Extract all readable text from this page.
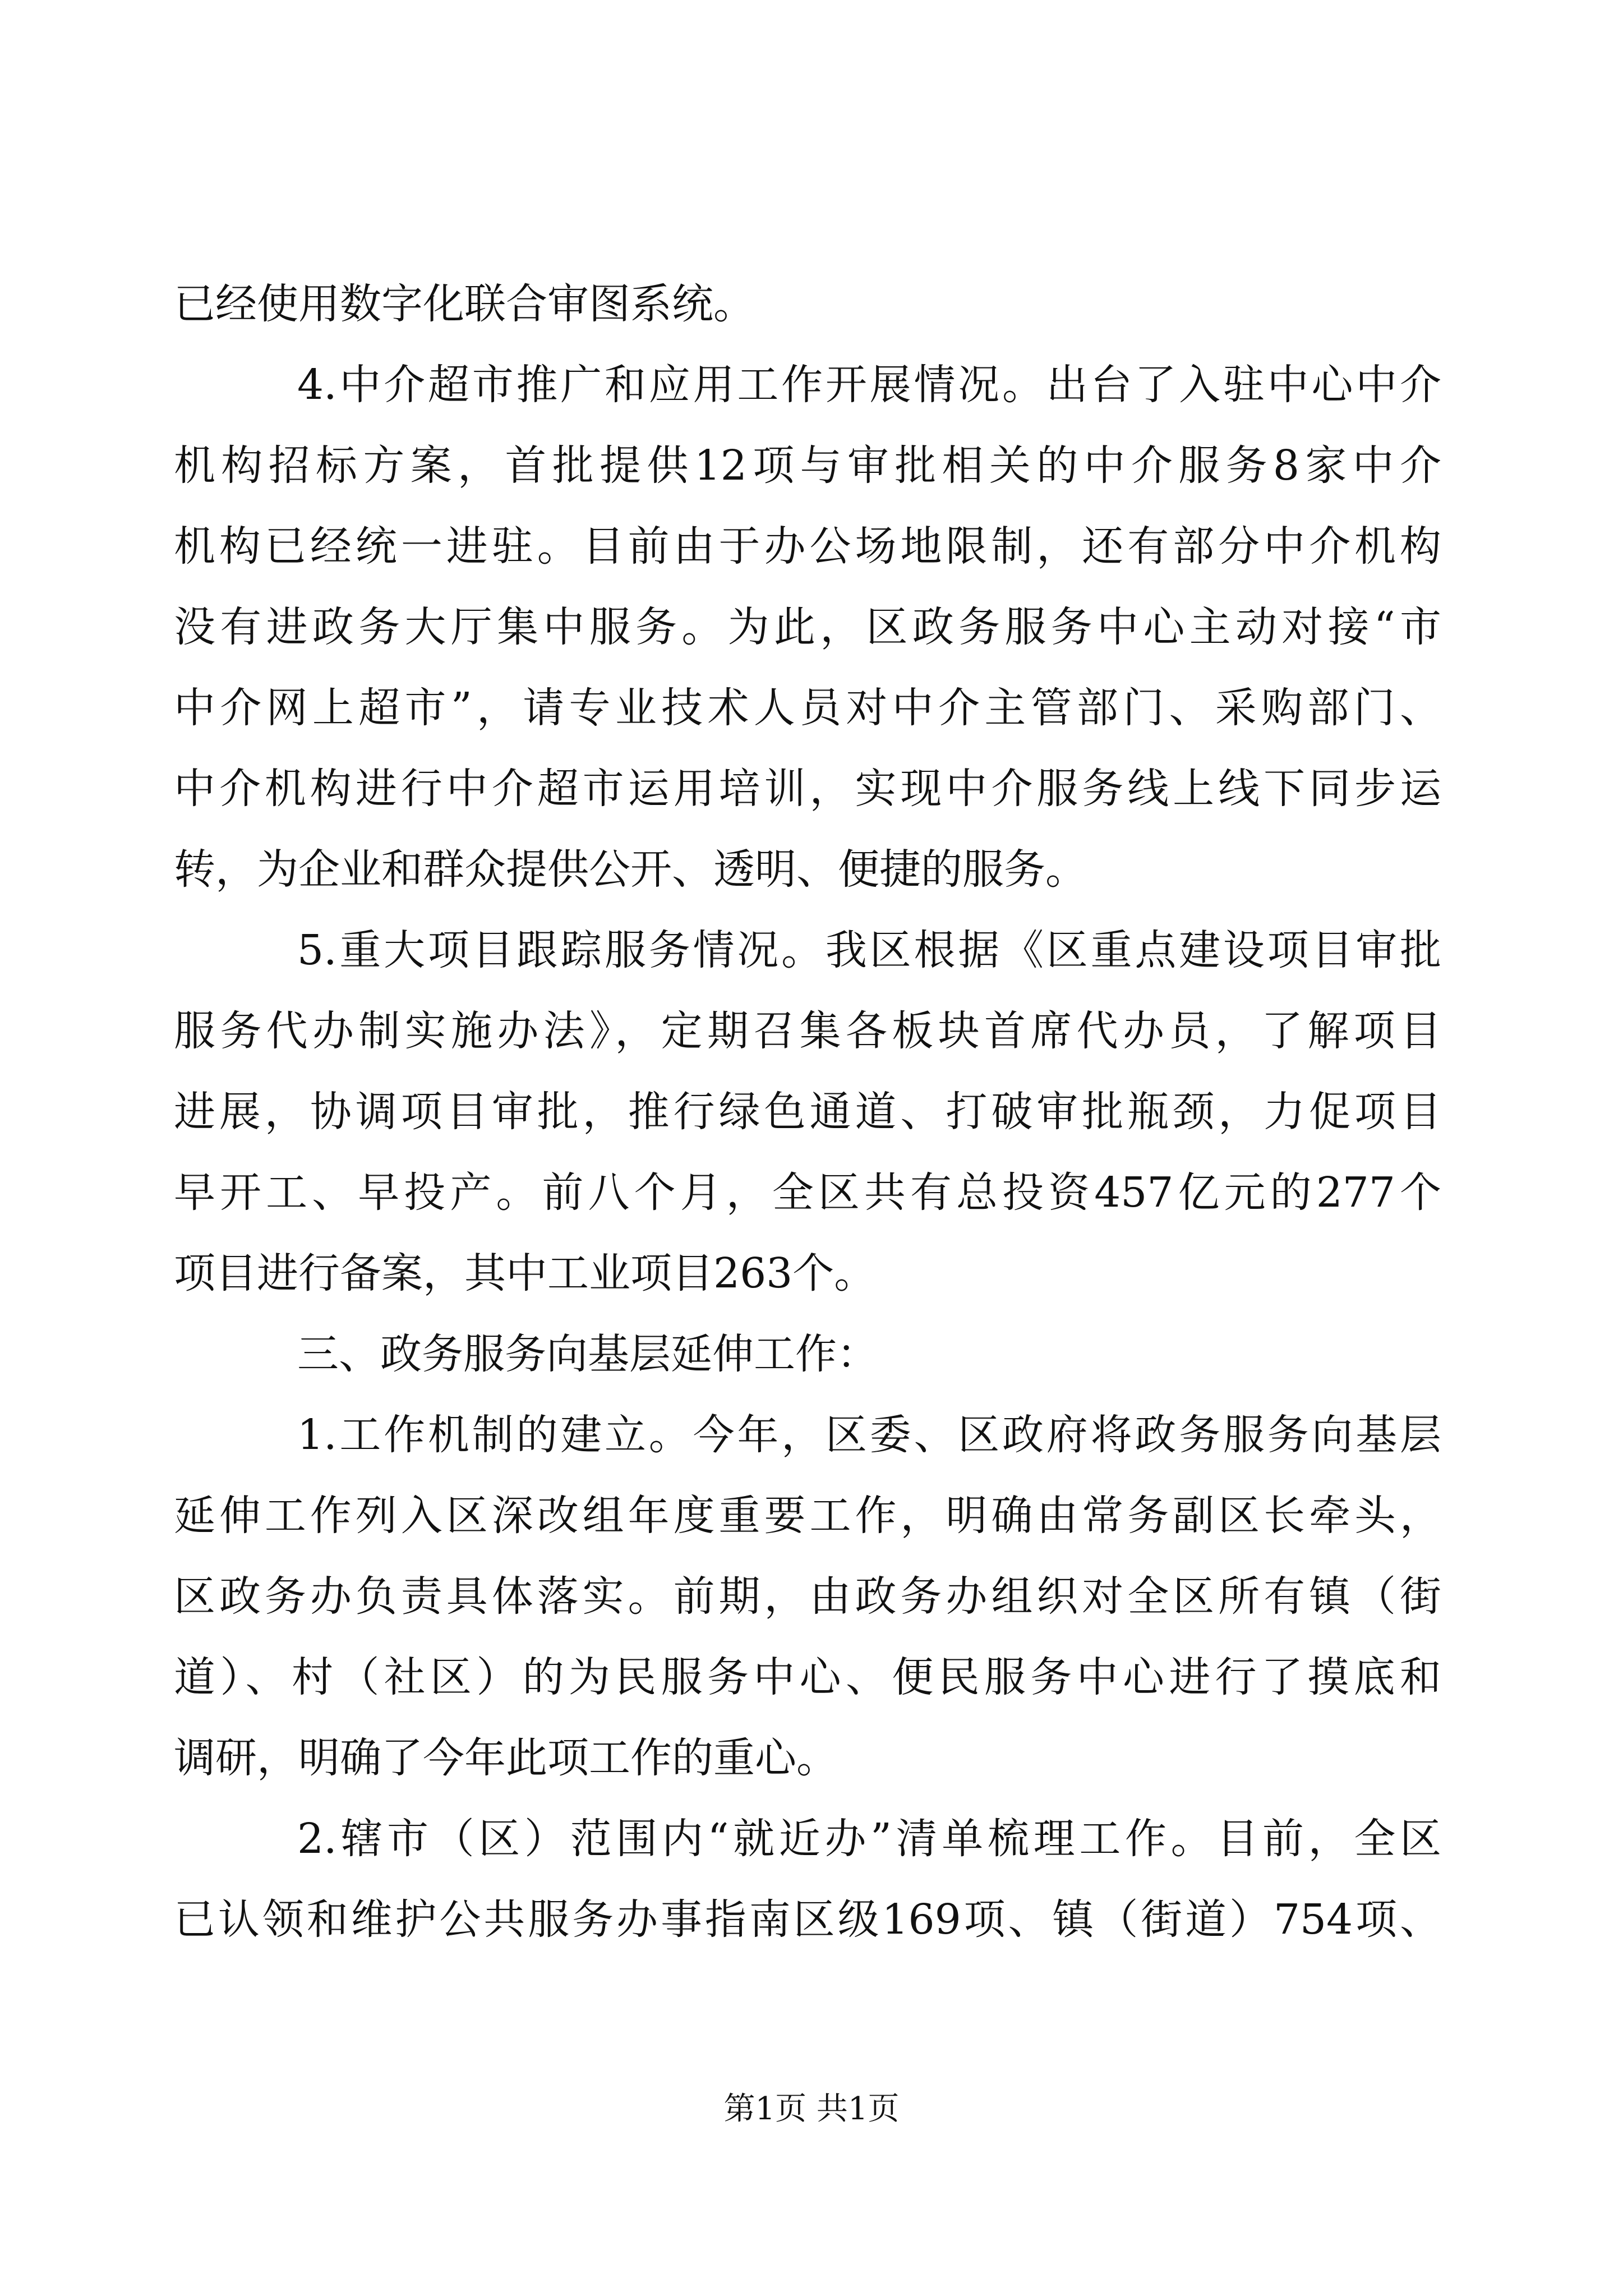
已经使用数字化联合审图系统。
4.中介超市推广和应用工作开展情况。出台了入驻中心中介
机构招标方案，首批提供12项与审批相关的中介服务8家中介
机构已经统一进驻。目前由于办公场地限制，还有部分中介机构
没有进政务大厅集中服务。为此，区政务服务中心主动对接“市
中介网上超市”，请专业技术人员对中介主管部门、采购部门、
中介机构进行中介超市运用培训，实现中介服务线上线下同步运
转，为企业和群众提供公开、透明、便捷的服务。
5.重大项目跟踪服务情况。我区根据《区重点建设项目审批
服务代办制实施办法》，定期召集各板块首席代办员，了解项目
进展，协调项目审批，推行绿色通道、打破审批瓶颈，力促项目
早开工、早投产。前八个月，全区共有总投资457亿元的277个
项目进行备案，其中工业项目263个。
三、政务服务向基层延伸工作：
1.工作机制的建立。今年，区委、区政府将政务服务向基层
延伸工作列入区深改组年度重要工作，明确由常务副区长牵头，
区政务办负责具体落实。前期，由政务办组织对全区所有镇（街
道）、村（社区）的为民服务中心、便民服务中心进行了摸底和
调研，明确了今年此项工作的重心。
2.辖市（区）范围内“就近办”清单梳理工作。目前，全区
已认领和维护公共服务办事指南区级169项、镇（街道）754项、
第1页 共1页
